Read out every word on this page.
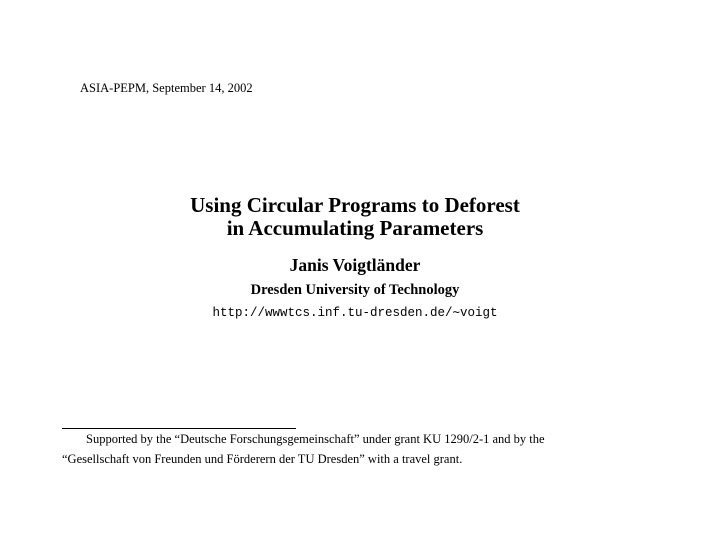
ASIA-PEPM, September 14, 2002
Using Circular Programs to Deforest
in Accumulating Parameters
Janis Voigtländer
Dresden University of Technology
http://wwwtcs.inf.tu-dresden.de/∼voigt
Supported by the “Deutsche Forschungsgemeinschaft” under grant KU 1290/2-1 and by the
“Gesellschaft von Freunden und Förderern der TU Dresden” with a travel grant.
